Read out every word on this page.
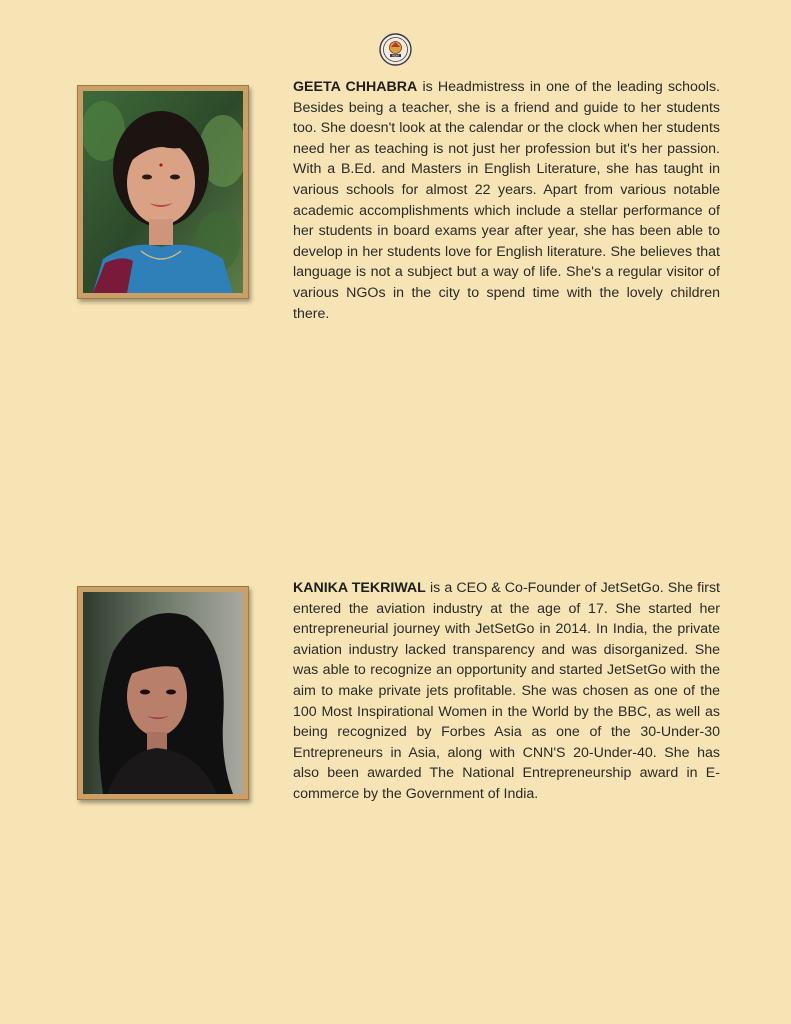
INDIA

GEETA CHHABRA is Headmistress in one of the leading schools. Besides being a teacher, she is a friend and guide to her students too. She doesn't look at the calendar or the clock when her students need her as teaching is not just her profession but it's her passion. With a B.Ed. and Masters in English Literature, she has taught in various schools for almost 22 years. Apart from various notable academic accomplishments which include a stellar performance of her students in board exams year after year, she has been able to develop in her students love for English literature. She believes that language is not a subject but a way of life. She's a regular visitor of various NGOs in the city to spend time with the lovely children there.

KANIKA TEKRIWAL is a CEO & Co-Founder of JetSetGo. She first entered the aviation industry at the age of 17. She started her entrepreneurial journey with JetSetGo in 2014. In India, the private aviation industry lacked transparency and was disorganized. She was able to recognize an opportunity and started JetSetGo with the aim to make private jets profitable. She was chosen as one of the 100 Most Inspirational Women in the World by the BBC, as well as being recognized by Forbes Asia as one of the 30-Under-30 Entrepreneurs in Asia, along with CNN'S 20-Under-40. She has also been awarded The National Entrepreneurship award in E-commerce by the Government of India.
